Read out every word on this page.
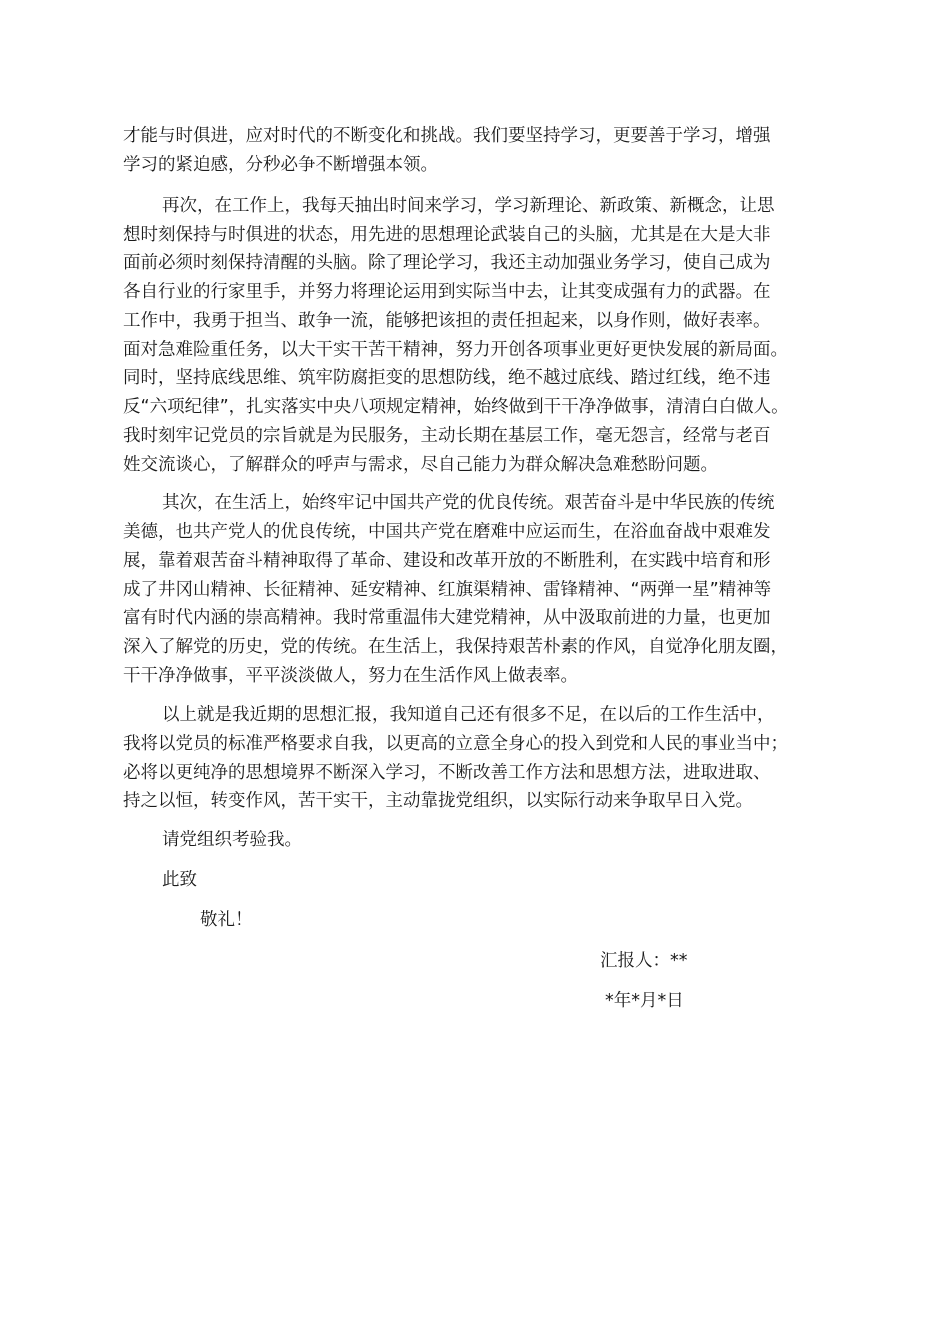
才能与时俱进，应对时代的不断变化和挑战。我们要坚持学习，更要善于学习，增强
学习的紧迫感，分秒必争不断增强本领。
再次，在工作上，我每天抽出时间来学习，学习新理论、新政策、新概念，让思
想时刻保持与时俱进的状态，用先进的思想理论武装自己的头脑，尤其是在大是大非
面前必须时刻保持清醒的头脑。除了理论学习，我还主动加强业务学习，使自己成为
各自行业的行家里手，并努力将理论运用到实际当中去，让其变成强有力的武器。在
工作中，我勇于担当、敢争一流，能够把该担的责任担起来，以身作则，做好表率。
面对急难险重任务，以大干实干苦干精神，努力开创各项事业更好更快发展的新局面。
同时，坚持底线思维、筑牢防腐拒变的思想防线，绝不越过底线、踏过红线，绝不违
反“六项纪律”，扎实落实中央八项规定精神，始终做到干干净净做事，清清白白做人。
我时刻牢记党员的宗旨就是为民服务，主动长期在基层工作，毫无怨言，经常与老百
姓交流谈心，了解群众的呼声与需求，尽自己能力为群众解决急难愁盼问题。
其次，在生活上，始终牢记中国共产党的优良传统。艰苦奋斗是中华民族的传统
美德，也共产党人的优良传统，中国共产党在磨难中应运而生，在浴血奋战中艰难发
展，靠着艰苦奋斗精神取得了革命、建设和改革开放的不断胜利，在实践中培育和形
成了井冈山精神、长征精神、延安精神、红旗渠精神、雷锋精神、“两弹一星”精神等
富有时代内涵的崇高精神。我时常重温伟大建党精神，从中汲取前进的力量，也更加
深入了解党的历史，党的传统。在生活上，我保持艰苦朴素的作风，自觉净化朋友圈，
干干净净做事，平平淡淡做人，努力在生活作风上做表率。
以上就是我近期的思想汇报，我知道自己还有很多不足，在以后的工作生活中，
我将以党员的标准严格要求自我，以更高的立意全身心的投入到党和人民的事业当中；
必将以更纯净的思想境界不断深入学习，不断改善工作方法和思想方法，进取进取、
持之以恒，转变作风，苦干实干，主动靠拢党组织，以实际行动来争取早日入党。
请党组织考验我。
此致
敬礼！
汇报人：**
*年*月*日
